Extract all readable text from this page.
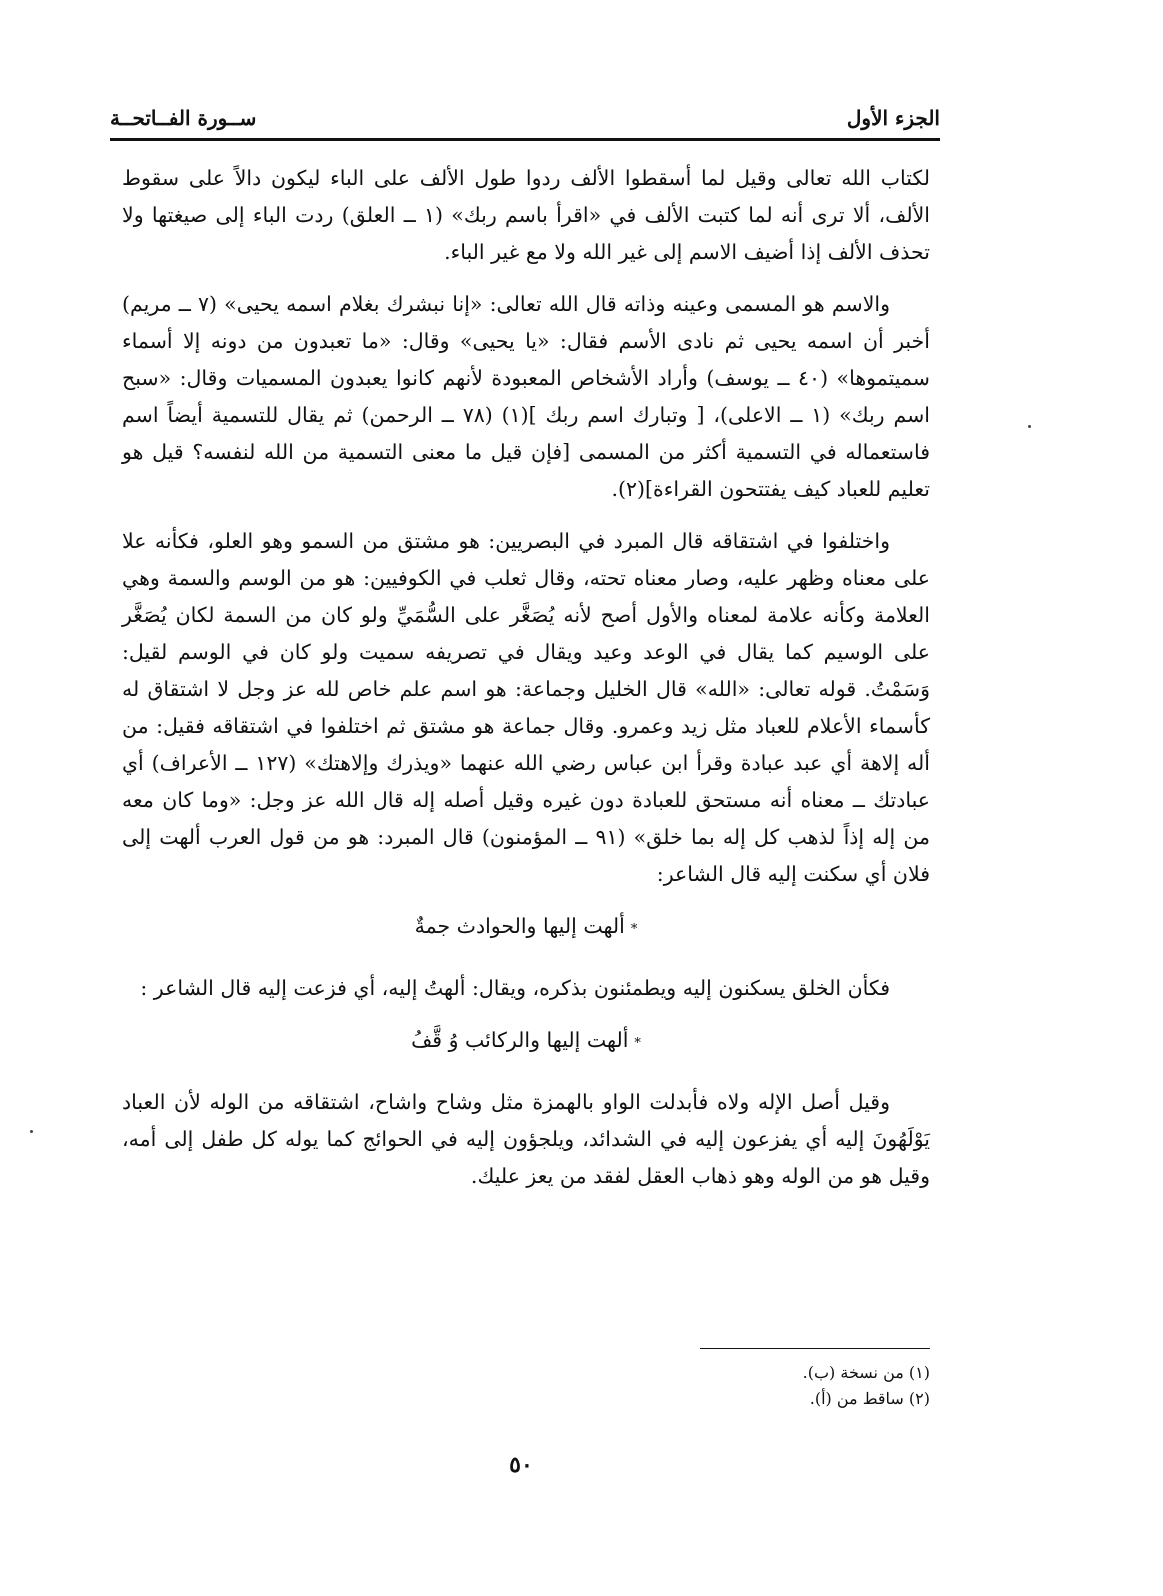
الجزء الأول
ســورة الفــاتحــة

لكتاب الله تعالى وقيل لما أسقطوا الألف ردوا طول الألف على الباء ليكون دالاً على سقوط الألف، ألا ترى أنه لما كتبت الألف في «اقرأ باسم ربك» (١ ــ العلق) ردت الباء إلى صيغتها ولا تحذف الألف إذا أضيف الاسم إلى غير الله ولا مع غير الباء.

والاسم هو المسمى وعينه وذاته قال الله تعالى: «إنا نبشرك بغلام اسمه يحيى» (٧ ــ مريم) أخبر أن اسمه يحيى ثم نادى الأسم فقال: «يا يحيى» وقال: «ما تعبدون من دونه إلا أسماء سميتموها» (٤٠ ــ يوسف) وأراد الأشخاص المعبودة لأنهم كانوا يعبدون المسميات وقال: «سبح اسم ربك» (١ ــ الاعلى)، [ وتبارك اسم ربك ](١) (٧٨ ــ الرحمن) ثم يقال للتسمية أيضاً اسم فاستعماله في التسمية أكثر من المسمى [فإن قيل ما معنى التسمية من الله لنفسه؟ قيل هو تعليم للعباد كيف يفتتحون القراءة](٢).

واختلفوا في اشتقاقه قال المبرد في البصريين: هو مشتق من السمو وهو العلو، فكأنه علا على معناه وظهر عليه، وصار معناه تحته، وقال ثعلب في الكوفيين: هو من الوسم والسمة وهي العلامة وكأنه علامة لمعناه والأول أصح لأنه يُصَغَّر على السُّمَيِّ ولو كان من السمة لكان يُصَغَّر على الوسيم كما يقال في الوعد وعيد ويقال في تصريفه سميت ولو كان في الوسم لقيل: وَسَمْتُ. قوله تعالى: «الله» قال الخليل وجماعة: هو اسم علم خاص لله عز وجل لا اشتقاق له كأسماء الأعلام للعباد مثل زيد وعمرو. وقال جماعة هو مشتق ثم اختلفوا في اشتقاقه فقيل: من أله إلاهة أي عبد عبادة وقرأ ابن عباس رضي الله عنهما «ويذرك وإلاهتك» (١٢٧ ــ الأعراف) أي عبادتك ــ معناه أنه مستحق للعبادة دون غيره وقيل أصله إله قال الله عز وجل: «وما كان معه من إله إذاً لذهب كل إله بما خلق» (٩١ ــ المؤمنون) قال المبرد: هو من قول العرب ألهت إلى فلان أي سكنت إليه قال الشاعر:

*ألهت إليها والحوادث جمةٌ

فكأن الخلق يسكنون إليه ويطمئنون بذكره، ويقال: ألهتُ إليه، أي فزعت إليه قال الشاعر :

*ألهت إليها والركائب وُ قَّفُ

وقيل أصل الإله ولاه فأبدلت الواو بالهمزة مثل وشاح واشاح، اشتقاقه من الوله لأن العباد يَوْلَهُونَ إليه أي يفزعون إليه في الشدائد، ويلجؤون إليه في الحوائج كما يوله كل طفل إلى أمه، وقيل هو من الوله وهو ذهاب العقل لفقد من يعز عليك.

(١) من نسخة (ب).
(٢) ساقط من (أ).
٥٠
